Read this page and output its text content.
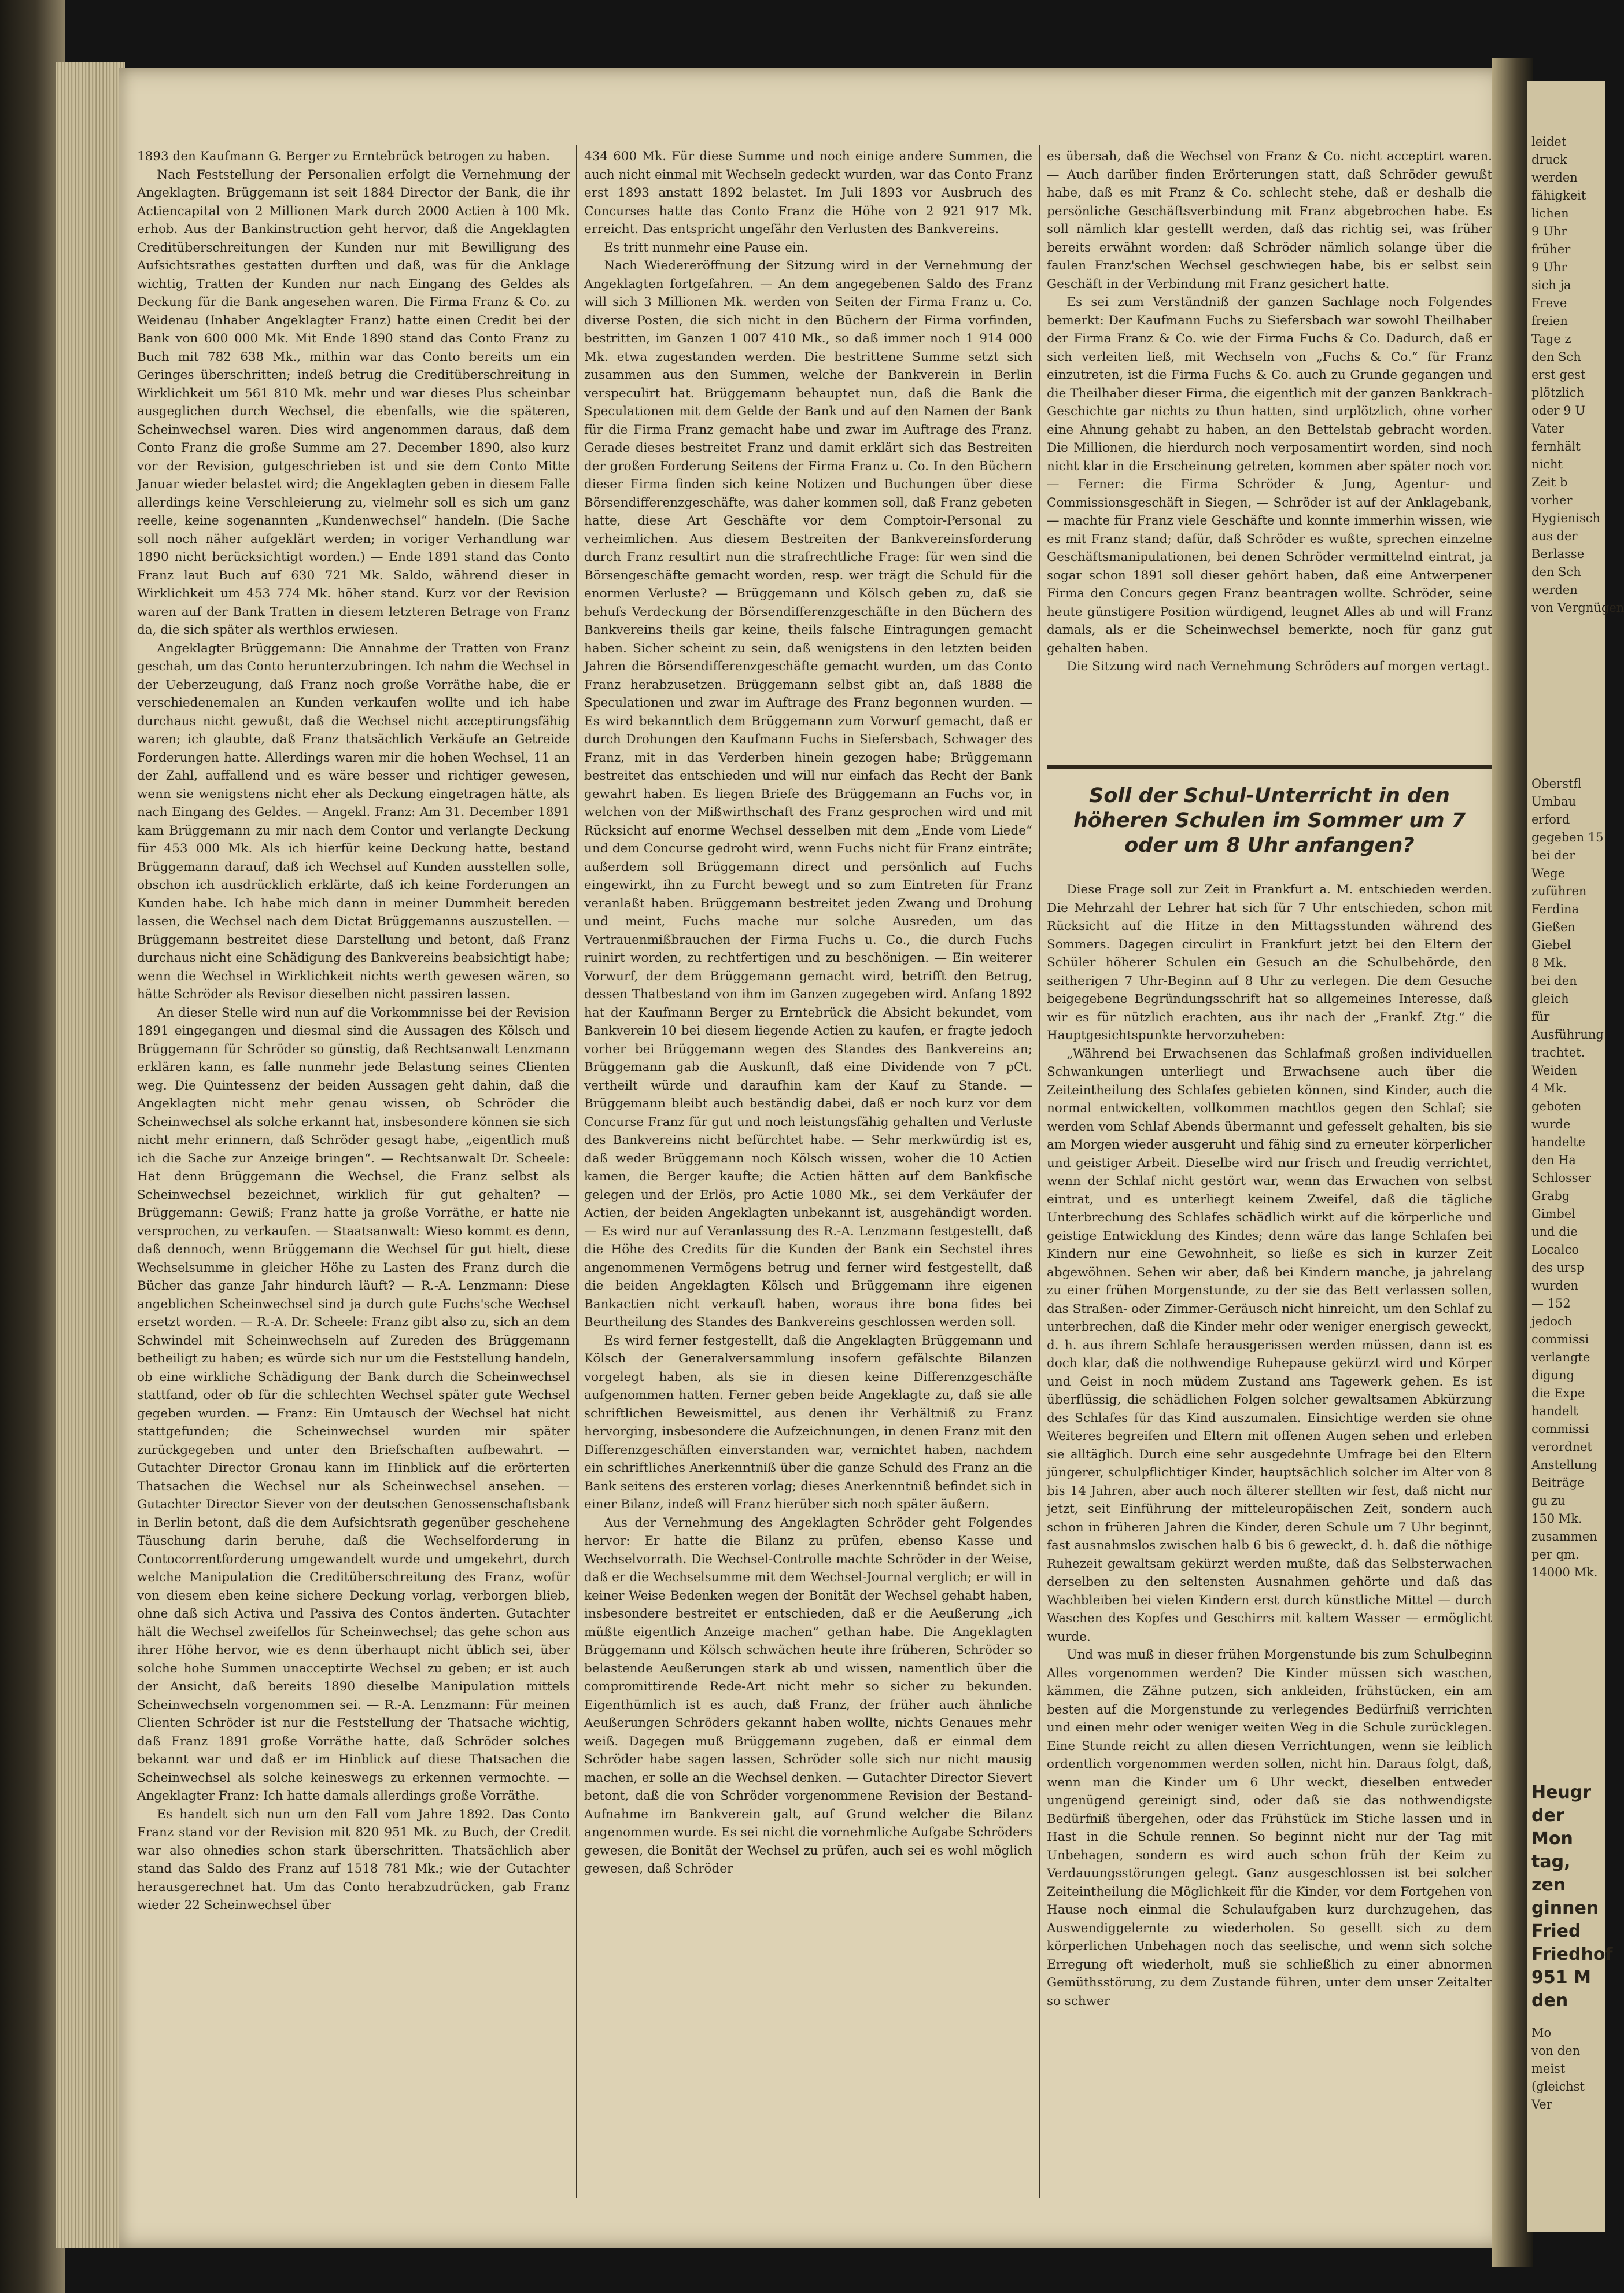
leidet
druck
werden
fähigkeit
lichen
9 Uhr
früher
9 Uhr
sich ja
Freve
freien
Tage z
den Sch
erst gest
plötzlich
oder 9 U
Vater
fernhält
nicht
Zeit b
vorher
Hygienisch
aus der
Berlasse
den Sch
werden
von Vergnügen
Oberstfl
Umbau
erford
gegeben 15
bei der
Wege
zuführen
Ferdina
Gießen
Giebel
8 Mk.
bei den
gleich
für
Ausführung
trachtet.
Weiden
4 Mk.
geboten
wurde
handelte
den Ha
Schlosser
Grabg
Gimbel
und die
Localco
des ursp
wurden
— 152
jedoch
commissi
verlangte
digung
die Expe
handelt
commissi
verordnet
Anstellung
Beiträge
gu zu
150 Mk.
zusammen
per qm.
14000 Mk.
Heugr
der
Mon
tag,
zen
ginnen
Fried
Friedhof
951 M
den
Mo
von den
meist
(gleichst
Ver

1893 den Kaufmann G. Berger zu Erntebrück betrogen zu haben.

Nach Feststellung der Personalien erfolgt die Vernehmung der Angeklagten. Brüggemann ist seit 1884 Director der Bank, die ihr Actiencapital von 2 Millionen Mark durch 2000 Actien à 100 Mk. erhob. Aus der Bankinstruction geht hervor, daß die Angeklagten Creditüberschreitungen der Kunden nur mit Bewilligung des Aufsichtsrathes gestatten durften und daß, was für die Anklage wichtig, Tratten der Kunden nur nach Eingang des Geldes als Deckung für die Bank angesehen waren. Die Firma Franz & Co. zu Weidenau (Inhaber Angeklagter Franz) hatte einen Credit bei der Bank von 600 000 Mk. Mit Ende 1890 stand das Conto Franz zu Buch mit 782 638 Mk., mithin war das Conto bereits um ein Geringes überschritten; indeß betrug die Creditüberschreitung in Wirklichkeit um 561 810 Mk. mehr und war dieses Plus scheinbar ausgeglichen durch Wechsel, die ebenfalls, wie die späteren, Scheinwechsel waren. Dies wird angenommen daraus, daß dem Conto Franz die große Summe am 27. December 1890, also kurz vor der Revision, gutgeschrieben ist und sie dem Conto Mitte Januar wieder belastet wird; die Angeklagten geben in diesem Falle allerdings keine Verschleierung zu, vielmehr soll es sich um ganz reelle, keine sogenannten „Kundenwechsel“ handeln. (Die Sache soll noch näher aufgeklärt werden; in voriger Verhandlung war 1890 nicht berücksichtigt worden.) — Ende 1891 stand das Conto Franz laut Buch auf 630 721 Mk. Saldo, während dieser in Wirklichkeit um 453 774 Mk. höher stand. Kurz vor der Revision waren auf der Bank Tratten in diesem letzteren Betrage von Franz da, die sich später als werthlos erwiesen.

Angeklagter Brüggemann: Die Annahme der Tratten von Franz geschah, um das Conto herunterzubringen. Ich nahm die Wechsel in der Ueberzeugung, daß Franz noch große Vorräthe habe, die er verschiedenemalen an Kunden verkaufen wollte und ich habe durchaus nicht gewußt, daß die Wechsel nicht acceptirungsfähig waren; ich glaubte, daß Franz thatsächlich Verkäufe an Getreide Forderungen hatte. Allerdings waren mir die hohen Wechsel, 11 an der Zahl, auffallend und es wäre besser und richtiger gewesen, wenn sie wenigstens nicht eher als Deckung eingetragen hätte, als nach Eingang des Geldes. — Angekl. Franz: Am 31. December 1891 kam Brüggemann zu mir nach dem Contor und verlangte Deckung für 453 000 Mk. Als ich hierfür keine Deckung hatte, bestand Brüggemann darauf, daß ich Wechsel auf Kunden ausstellen solle, obschon ich ausdrücklich erklärte, daß ich keine Forderungen an Kunden habe. Ich habe mich dann in meiner Dummheit bereden lassen, die Wechsel nach dem Dictat Brüggemanns auszustellen. — Brüggemann bestreitet diese Darstellung und betont, daß Franz durchaus nicht eine Schädigung des Bankvereins beabsichtigt habe; wenn die Wechsel in Wirklichkeit nichts werth gewesen wären, so hätte Schröder als Revisor dieselben nicht passiren lassen.

An dieser Stelle wird nun auf die Vorkommnisse bei der Revision 1891 eingegangen und diesmal sind die Aussagen des Kölsch und Brüggemann für Schröder so günstig, daß Rechtsanwalt Lenzmann erklären kann, es falle nunmehr jede Belastung seines Clienten weg. Die Quintessenz der beiden Aussagen geht dahin, daß die Angeklagten nicht mehr genau wissen, ob Schröder die Scheinwechsel als solche erkannt hat, insbesondere können sie sich nicht mehr erinnern, daß Schröder gesagt habe, „eigentlich muß ich die Sache zur Anzeige bringen“. — Rechtsanwalt Dr. Scheele: Hat denn Brüggemann die Wechsel, die Franz selbst als Scheinwechsel bezeichnet, wirklich für gut gehalten? — Brüggemann: Gewiß; Franz hatte ja große Vorräthe, er hatte nie versprochen, zu verkaufen. — Staatsanwalt: Wieso kommt es denn, daß dennoch, wenn Brüggemann die Wechsel für gut hielt, diese Wechselsumme in gleicher Höhe zu Lasten des Franz durch die Bücher das ganze Jahr hindurch läuft? — R.-A. Lenzmann: Diese angeblichen Scheinwechsel sind ja durch gute Fuchs'sche Wechsel ersetzt worden. — R.-A. Dr. Scheele: Franz gibt also zu, sich an dem Schwindel mit Scheinwechseln auf Zureden des Brüggemann betheiligt zu haben; es würde sich nur um die Feststellung handeln, ob eine wirkliche Schädigung der Bank durch die Scheinwechsel stattfand, oder ob für die schlechten Wechsel später gute Wechsel gegeben wurden. — Franz: Ein Umtausch der Wechsel hat nicht stattgefunden; die Scheinwechsel wurden mir später zurückgegeben und unter den Briefschaften aufbewahrt. — Gutachter Director Gronau kann im Hinblick auf die erörterten Thatsachen die Wechsel nur als Scheinwechsel ansehen. — Gutachter Director Siever von der deutschen Genossenschaftsbank in Berlin betont, daß die dem Aufsichtsrath gegenüber geschehene Täuschung darin beruhe, daß die Wechselforderung in Contocorrentforderung umgewandelt wurde und umgekehrt, durch welche Manipulation die Creditüberschreitung des Franz, wofür von diesem eben keine sichere Deckung vorlag, verborgen blieb, ohne daß sich Activa und Passiva des Contos änderten. Gutachter hält die Wechsel zweifellos für Scheinwechsel; das gehe schon aus ihrer Höhe hervor, wie es denn überhaupt nicht üblich sei, über solche hohe Summen unacceptirte Wechsel zu geben; er ist auch der Ansicht, daß bereits 1890 dieselbe Manipulation mittels Scheinwechseln vorgenommen sei. — R.-A. Lenzmann: Für meinen Clienten Schröder ist nur die Feststellung der Thatsache wichtig, daß Franz 1891 große Vorräthe hatte, daß Schröder solches bekannt war und daß er im Hinblick auf diese Thatsachen die Scheinwechsel als solche keineswegs zu erkennen vermochte. — Angeklagter Franz: Ich hatte damals allerdings große Vorräthe.

Es handelt sich nun um den Fall vom Jahre 1892. Das Conto Franz stand vor der Revision mit 820 951 Mk. zu Buch, der Credit war also ohnedies schon stark überschritten. Thatsächlich aber stand das Saldo des Franz auf 1518 781 Mk.; wie der Gutachter herausgerechnet hat. Um das Conto herabzudrücken, gab Franz wieder 22 Scheinwechsel über

434 600 Mk. Für diese Summe und noch einige andere Summen, die auch nicht einmal mit Wechseln gedeckt wurden, war das Conto Franz erst 1893 anstatt 1892 belastet. Im Juli 1893 vor Ausbruch des Concurses hatte das Conto Franz die Höhe von 2 921 917 Mk. erreicht. Das entspricht ungefähr den Verlusten des Bankvereins.

Es tritt nunmehr eine Pause ein.

Nach Wiedereröffnung der Sitzung wird in der Vernehmung der Angeklagten fortgefahren. — An dem angegebenen Saldo des Franz will sich 3 Millionen Mk. werden von Seiten der Firma Franz u. Co. diverse Posten, die sich nicht in den Büchern der Firma vorfinden, bestritten, im Ganzen 1 007 410 Mk., so daß immer noch 1 914 000 Mk. etwa zugestanden werden. Die bestrittene Summe setzt sich zusammen aus den Summen, welche der Bankverein in Berlin verspeculirt hat. Brüggemann behauptet nun, daß die Bank die Speculationen mit dem Gelde der Bank und auf den Namen der Bank für die Firma Franz gemacht habe und zwar im Auftrage des Franz. Gerade dieses bestreitet Franz und damit erklärt sich das Bestreiten der großen Forderung Seitens der Firma Franz u. Co. In den Büchern dieser Firma finden sich keine Notizen und Buchungen über diese Börsendifferenzgeschäfte, was daher kommen soll, daß Franz gebeten hatte, diese Art Geschäfte vor dem Comptoir-Personal zu verheimlichen. Aus diesem Bestreiten der Bankvereinsforderung durch Franz resultirt nun die strafrechtliche Frage: für wen sind die Börsengeschäfte gemacht worden, resp. wer trägt die Schuld für die enormen Verluste? — Brüggemann und Kölsch geben zu, daß sie behufs Verdeckung der Börsendifferenzgeschäfte in den Büchern des Bankvereins theils gar keine, theils falsche Eintragungen gemacht haben. Sicher scheint zu sein, daß wenigstens in den letzten beiden Jahren die Börsendifferenzgeschäfte gemacht wurden, um das Conto Franz herabzusetzen. Brüggemann selbst gibt an, daß 1888 die Speculationen und zwar im Auftrage des Franz begonnen wurden. — Es wird bekanntlich dem Brüggemann zum Vorwurf gemacht, daß er durch Drohungen den Kaufmann Fuchs in Siefersbach, Schwager des Franz, mit in das Verderben hinein gezogen habe; Brüggemann bestreitet das entschieden und will nur einfach das Recht der Bank gewahrt haben. Es liegen Briefe des Brüggemann an Fuchs vor, in welchen von der Mißwirthschaft des Franz gesprochen wird und mit Rücksicht auf enorme Wechsel desselben mit dem „Ende vom Liede“ und dem Concurse gedroht wird, wenn Fuchs nicht für Franz einträte; außerdem soll Brüggemann direct und persönlich auf Fuchs eingewirkt, ihn zu Furcht bewegt und so zum Eintreten für Franz veranlaßt haben. Brüggemann bestreitet jeden Zwang und Drohung und meint, Fuchs mache nur solche Ausreden, um das Vertrauenmißbrauchen der Firma Fuchs u. Co., die durch Fuchs ruinirt worden, zu rechtfertigen und zu beschönigen. — Ein weiterer Vorwurf, der dem Brüggemann gemacht wird, betrifft den Betrug, dessen Thatbestand von ihm im Ganzen zugegeben wird. Anfang 1892 hat der Kaufmann Berger zu Erntebrück die Absicht bekundet, vom Bankverein 10 bei diesem liegende Actien zu kaufen, er fragte jedoch vorher bei Brüggemann wegen des Standes des Bankvereins an; Brüggemann gab die Auskunft, daß eine Dividende von 7 pCt. vertheilt würde und daraufhin kam der Kauf zu Stande. — Brüggemann bleibt auch beständig dabei, daß er noch kurz vor dem Concurse Franz für gut und noch leistungsfähig gehalten und Verluste des Bankvereins nicht befürchtet habe. — Sehr merkwürdig ist es, daß weder Brüggemann noch Kölsch wissen, woher die 10 Actien kamen, die Berger kaufte; die Actien hätten auf dem Bankfische gelegen und der Erlös, pro Actie 1080 Mk., sei dem Verkäufer der Actien, der beiden Angeklagten unbekannt ist, ausgehändigt worden. — Es wird nur auf Veranlassung des R.-A. Lenzmann festgestellt, daß die Höhe des Credits für die Kunden der Bank ein Sechstel ihres angenommenen Vermögens betrug und ferner wird festgestellt, daß die beiden Angeklagten Kölsch und Brüggemann ihre eigenen Bankactien nicht verkauft haben, woraus ihre bona fides bei Beurtheilung des Standes des Bankvereins geschlossen werden soll.

Es wird ferner festgestellt, daß die Angeklagten Brüggemann und Kölsch der Generalversammlung insofern gefälschte Bilanzen vorgelegt haben, als sie in diesen keine Differenzgeschäfte aufgenommen hatten. Ferner geben beide Angeklagte zu, daß sie alle schriftlichen Beweismittel, aus denen ihr Verhältniß zu Franz hervorging, insbesondere die Aufzeichnungen, in denen Franz mit den Differenzgeschäften einverstanden war, vernichtet haben, nachdem ein schriftliches Anerkenntniß über die ganze Schuld des Franz an die Bank seitens des ersteren vorlag; dieses Anerkenntniß befindet sich in einer Bilanz, indeß will Franz hierüber sich noch später äußern.

Aus der Vernehmung des Angeklagten Schröder geht Folgendes hervor: Er hatte die Bilanz zu prüfen, ebenso Kasse und Wechselvorrath. Die Wechsel-Controlle machte Schröder in der Weise, daß er die Wechselsumme mit dem Wechsel-Journal verglich; er will in keiner Weise Bedenken wegen der Bonität der Wechsel gehabt haben, insbesondere bestreitet er entschieden, daß er die Aeußerung „ich müßte eigentlich Anzeige machen“ gethan habe. Die Angeklagten Brüggemann und Kölsch schwächen heute ihre früheren, Schröder so belastende Aeußerungen stark ab und wissen, namentlich über die compromittirende Rede-Art nicht mehr so sicher zu bekunden. Eigenthümlich ist es auch, daß Franz, der früher auch ähnliche Aeußerungen Schröders gekannt haben wollte, nichts Genaues mehr weiß. Dagegen muß Brüggemann zugeben, daß er einmal dem Schröder habe sagen lassen, Schröder solle sich nur nicht mausig machen, er solle an die Wechsel denken. — Gutachter Director Sievert betont, daß die von Schröder vorgenommene Revision der Bestand-Aufnahme im Bankverein galt, auf Grund welcher die Bilanz angenommen wurde. Es sei nicht die vornehmliche Aufgabe Schröders gewesen, die Bonität der Wechsel zu prüfen, auch sei es wohl möglich gewesen, daß Schröder

es übersah, daß die Wechsel von Franz & Co. nicht acceptirt waren. — Auch darüber finden Erörterungen statt, daß Schröder gewußt habe, daß es mit Franz & Co. schlecht stehe, daß er deshalb die persönliche Geschäftsverbindung mit Franz abgebrochen habe. Es soll nämlich klar gestellt werden, daß das richtig sei, was früher bereits erwähnt worden: daß Schröder nämlich solange über die faulen Franz'schen Wechsel geschwiegen habe, bis er selbst sein Geschäft in der Verbindung mit Franz gesichert hatte.

Es sei zum Verständniß der ganzen Sachlage noch Folgendes bemerkt: Der Kaufmann Fuchs zu Siefersbach war sowohl Theilhaber der Firma Franz & Co. wie der Firma Fuchs & Co. Dadurch, daß er sich verleiten ließ, mit Wechseln von „Fuchs & Co.“ für Franz einzutreten, ist die Firma Fuchs & Co. auch zu Grunde gegangen und die Theilhaber dieser Firma, die eigentlich mit der ganzen Bankkrach-Geschichte gar nichts zu thun hatten, sind urplötzlich, ohne vorher eine Ahnung gehabt zu haben, an den Bettelstab gebracht worden. Die Millionen, die hierdurch noch verposamentirt worden, sind noch nicht klar in die Erscheinung getreten, kommen aber später noch vor. — Ferner: die Firma Schröder & Jung, Agentur- und Commissionsgeschäft in Siegen, — Schröder ist auf der Anklagebank, — machte für Franz viele Geschäfte und konnte immerhin wissen, wie es mit Franz stand; dafür, daß Schröder es wußte, sprechen einzelne Geschäftsmanipulationen, bei denen Schröder vermittelnd eintrat, ja sogar schon 1891 soll dieser gehört haben, daß eine Antwerpener Firma den Concurs gegen Franz beantragen wollte. Schröder, seine heute günstigere Position würdigend, leugnet Alles ab und will Franz damals, als er die Scheinwechsel bemerkte, noch für ganz gut gehalten haben.

Die Sitzung wird nach Vernehmung Schröders auf morgen vertagt.

Soll der Schul-Unterricht in den höheren Schulen im Sommer um 7 oder um 8 Uhr anfangen?

Diese Frage soll zur Zeit in Frankfurt a. M. entschieden werden. Die Mehrzahl der Lehrer hat sich für 7 Uhr entschieden, schon mit Rücksicht auf die Hitze in den Mittagsstunden während des Sommers. Dagegen circulirt in Frankfurt jetzt bei den Eltern der Schüler höherer Schulen ein Gesuch an die Schulbehörde, den seitherigen 7 Uhr-Beginn auf 8 Uhr zu verlegen. Die dem Gesuche beigegebene Begründungsschrift hat so allgemeines Interesse, daß wir es für nützlich erachten, aus ihr nach der „Frankf. Ztg.“ die Hauptgesichtspunkte hervorzuheben:

„Während bei Erwachsenen das Schlafmaß großen individuellen Schwankungen unterliegt und Erwachsene auch über die Zeiteintheilung des Schlafes gebieten können, sind Kinder, auch die normal entwickelten, vollkommen machtlos gegen den Schlaf; sie werden vom Schlaf Abends übermannt und gefesselt gehalten, bis sie am Morgen wieder ausgeruht und fähig sind zu erneuter körperlicher und geistiger Arbeit. Dieselbe wird nur frisch und freudig verrichtet, wenn der Schlaf nicht gestört war, wenn das Erwachen von selbst eintrat, und es unterliegt keinem Zweifel, daß die tägliche Unterbrechung des Schlafes schädlich wirkt auf die körperliche und geistige Entwicklung des Kindes; denn wäre das lange Schlafen bei Kindern nur eine Gewohnheit, so ließe es sich in kurzer Zeit abgewöhnen. Sehen wir aber, daß bei Kindern manche, ja jahrelang zu einer frühen Morgenstunde, zu der sie das Bett verlassen sollen, das Straßen- oder Zimmer-Geräusch nicht hinreicht, um den Schlaf zu unterbrechen, daß die Kinder mehr oder weniger energisch geweckt, d. h. aus ihrem Schlafe herausgerissen werden müssen, dann ist es doch klar, daß die nothwendige Ruhepause gekürzt wird und Körper und Geist in noch müdem Zustand ans Tagewerk gehen. Es ist überflüssig, die schädlichen Folgen solcher gewaltsamen Abkürzung des Schlafes für das Kind auszumalen. Einsichtige werden sie ohne Weiteres begreifen und Eltern mit offenen Augen sehen und erleben sie alltäglich. Durch eine sehr ausgedehnte Umfrage bei den Eltern jüngerer, schulpflichtiger Kinder, hauptsächlich solcher im Alter von 8 bis 14 Jahren, aber auch noch älterer stellten wir fest, daß nicht nur jetzt, seit Einführung der mitteleuropäischen Zeit, sondern auch schon in früheren Jahren die Kinder, deren Schule um 7 Uhr beginnt, fast ausnahmslos zwischen halb 6 bis 6 geweckt, d. h. daß die nöthige Ruhezeit gewaltsam gekürzt werden mußte, daß das Selbsterwachen derselben zu den seltensten Ausnahmen gehörte und daß das Wachbleiben bei vielen Kindern erst durch künstliche Mittel — durch Waschen des Kopfes und Geschirrs mit kaltem Wasser — ermöglicht wurde.

Und was muß in dieser frühen Morgenstunde bis zum Schulbeginn Alles vorgenommen werden? Die Kinder müssen sich waschen, kämmen, die Zähne putzen, sich ankleiden, frühstücken, ein am besten auf die Morgenstunde zu verlegendes Bedürfniß verrichten und einen mehr oder weniger weiten Weg in die Schule zurücklegen. Eine Stunde reicht zu allen diesen Verrichtungen, wenn sie leiblich ordentlich vorgenommen werden sollen, nicht hin. Daraus folgt, daß, wenn man die Kinder um 6 Uhr weckt, dieselben entweder ungenügend gereinigt sind, oder daß sie das nothwendigste Bedürfniß übergehen, oder das Frühstück im Stiche lassen und in Hast in die Schule rennen. So beginnt nicht nur der Tag mit Unbehagen, sondern es wird auch schon früh der Keim zu Verdauungsstörungen gelegt. Ganz ausgeschlossen ist bei solcher Zeiteintheilung die Möglichkeit für die Kinder, vor dem Fortgehen von Hause noch einmal die Schulaufgaben kurz durchzugehen, das Auswendiggelernte zu wiederholen. So gesellt sich zu dem körperlichen Unbehagen noch das seelische, und wenn sich solche Erregung oft wiederholt, muß sie schließlich zu einer abnormen Gemüthsstörung, zu dem Zustande führen, unter dem unser Zeitalter so schwer
